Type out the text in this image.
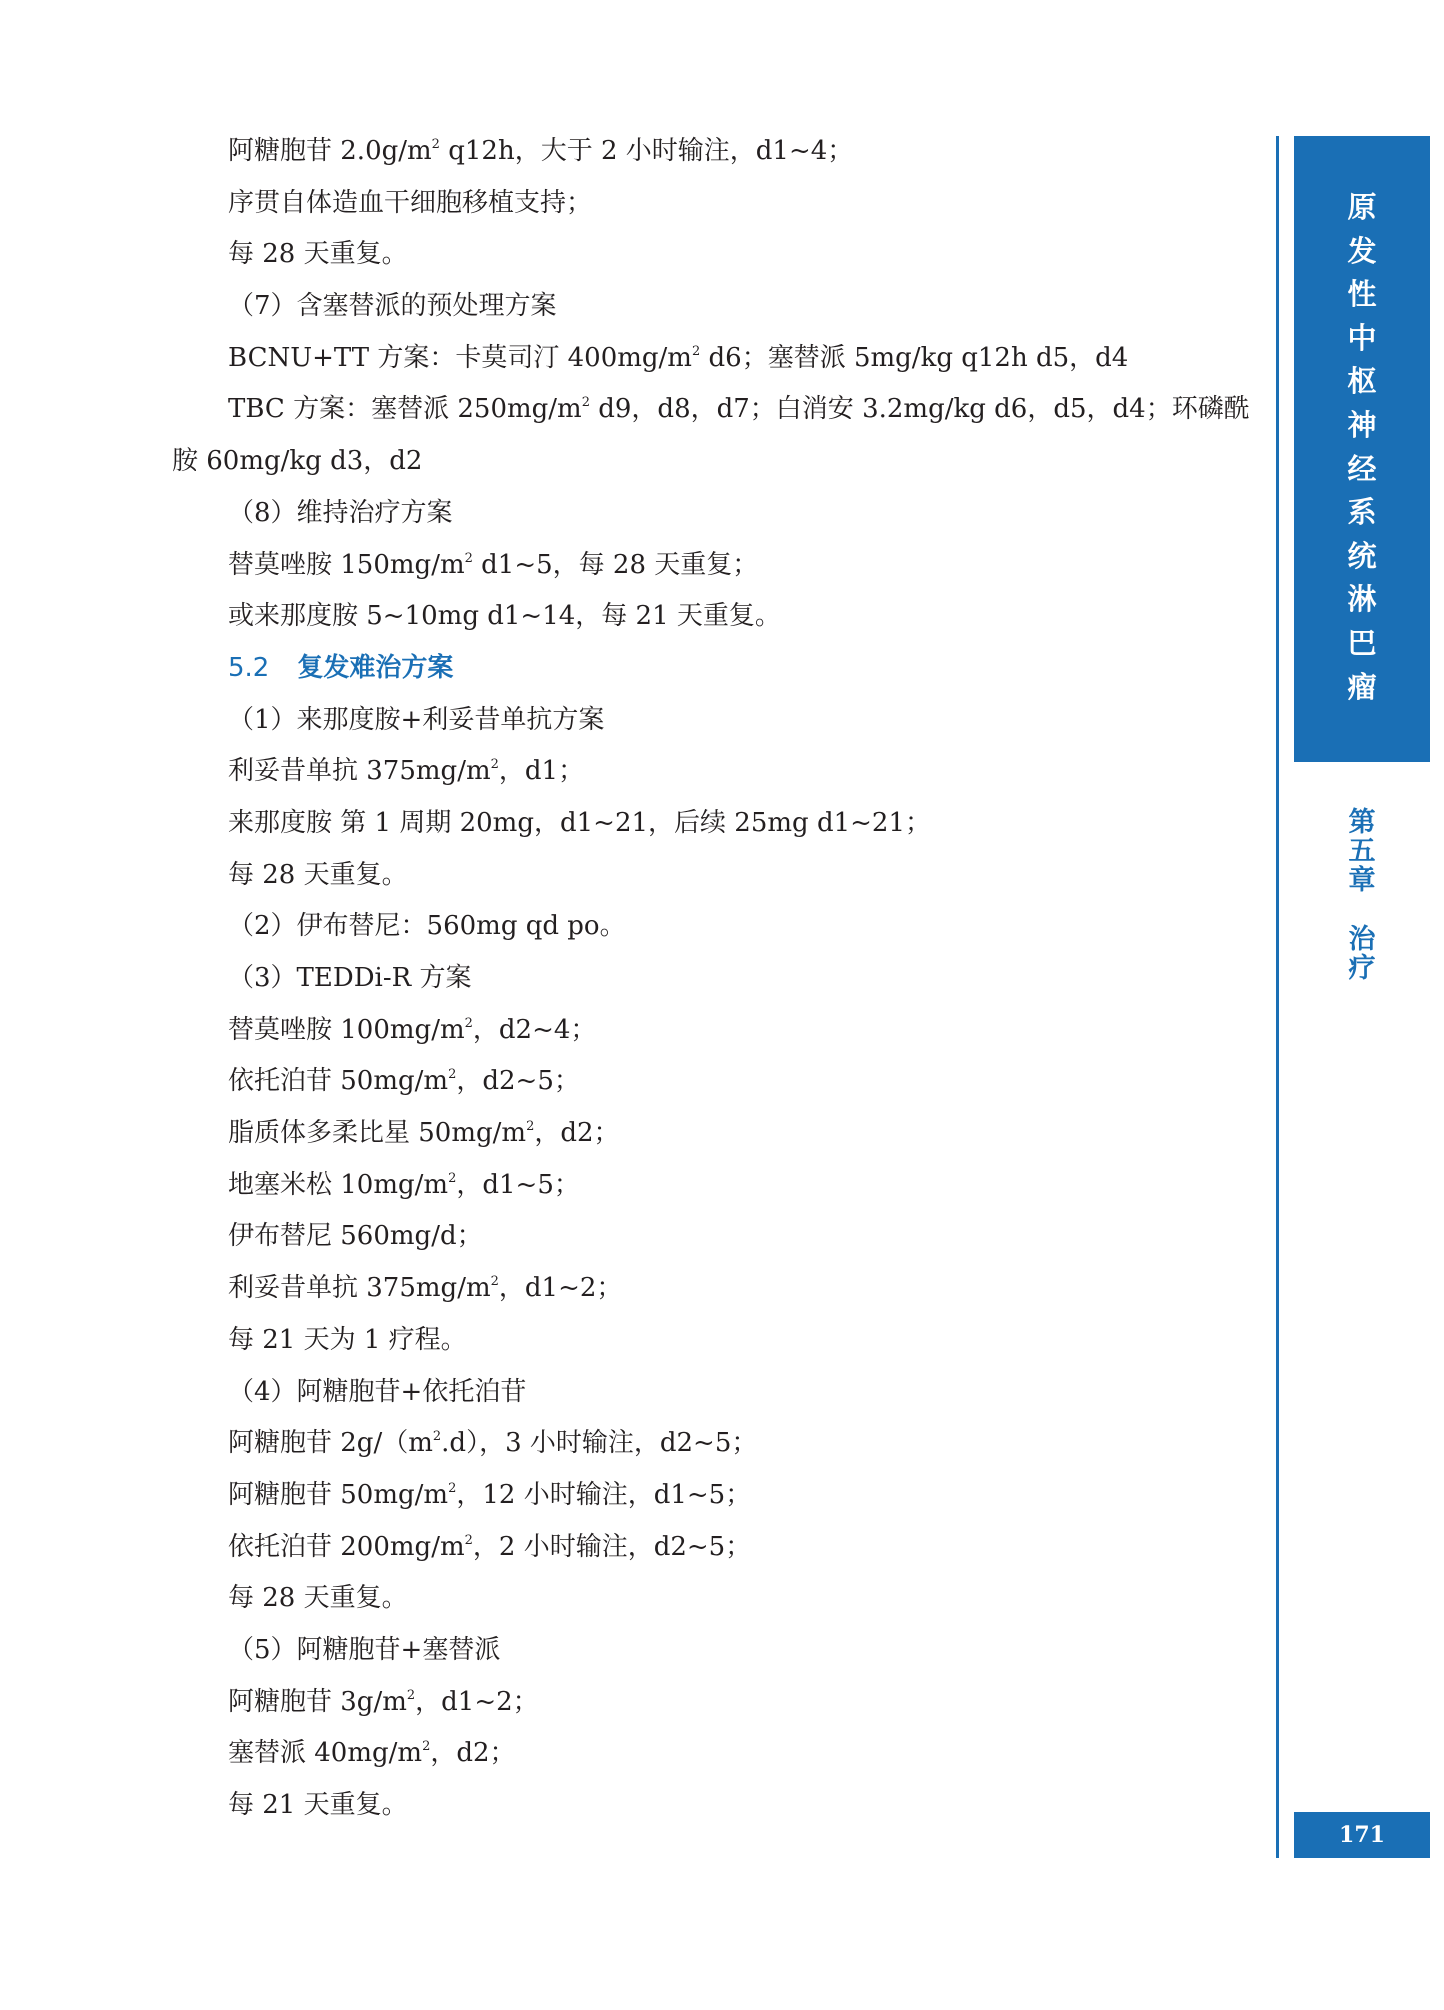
阿糖胞苷 $2.0g/m^2$ q12h，大于 2 小时输注，d1~4；
序贯自体造血干细胞移植支持；
每 28 天重复。
（7）含塞替派的预处理方案
BCNU+TT 方案：卡莫司汀 $400mg/m^2$ d6；塞替派 5mg/kg q12h d5，d4
TBC 方案：塞替派 $250mg/m^2$ d9，d8，d7；白消安 3.2mg/kg d6，d5，d4；环磷酰
胺 60mg/kg d3，d2
（8）维持治疗方案
替莫唑胺 $150mg/m^2$ d1~5，每 28 天重复；
或来那度胺 5~10mg d1~14，每 21 天重复。
5.2 复发难治方案
（1）来那度胺+利妥昔单抗方案
利妥昔单抗 $375mg/m^2$，d1；
来那度胺 第 1 周期 20mg，d1~21，后续 25mg d1~21；
每 28 天重复。
（2）伊布替尼：560mg qd po。
（3）TEDDi-R 方案
替莫唑胺 $100mg/m^2$，d2~4；
依托泊苷 $50mg/m^2$，d2~5；
脂质体多柔比星 $50mg/m^2$，d2；
地塞米松 $10mg/m^2$，d1~5；
伊布替尼 560mg/d；
利妥昔单抗 $375mg/m^2$，d1~2；
每 21 天为 1 疗程。
（4）阿糖胞苷+依托泊苷
阿糖胞苷 $2g/(m^2.d)$，3 小时输注，d2~5；
阿糖胞苷 $50mg/m^2$，12 小时输注，d1~5；
依托泊苷 $200mg/m^2$，2 小时输注，d2~5；
每 28 天重复。
（5）阿糖胞苷+塞替派
阿糖胞苷 $3g/m^2$，d1~2；
塞替派 $40mg/m^2$，d2；
每 21 天重复。
原
发
性
中
枢
神
经
系
统
淋
巴
瘤
第
五
章
治
疗
171
